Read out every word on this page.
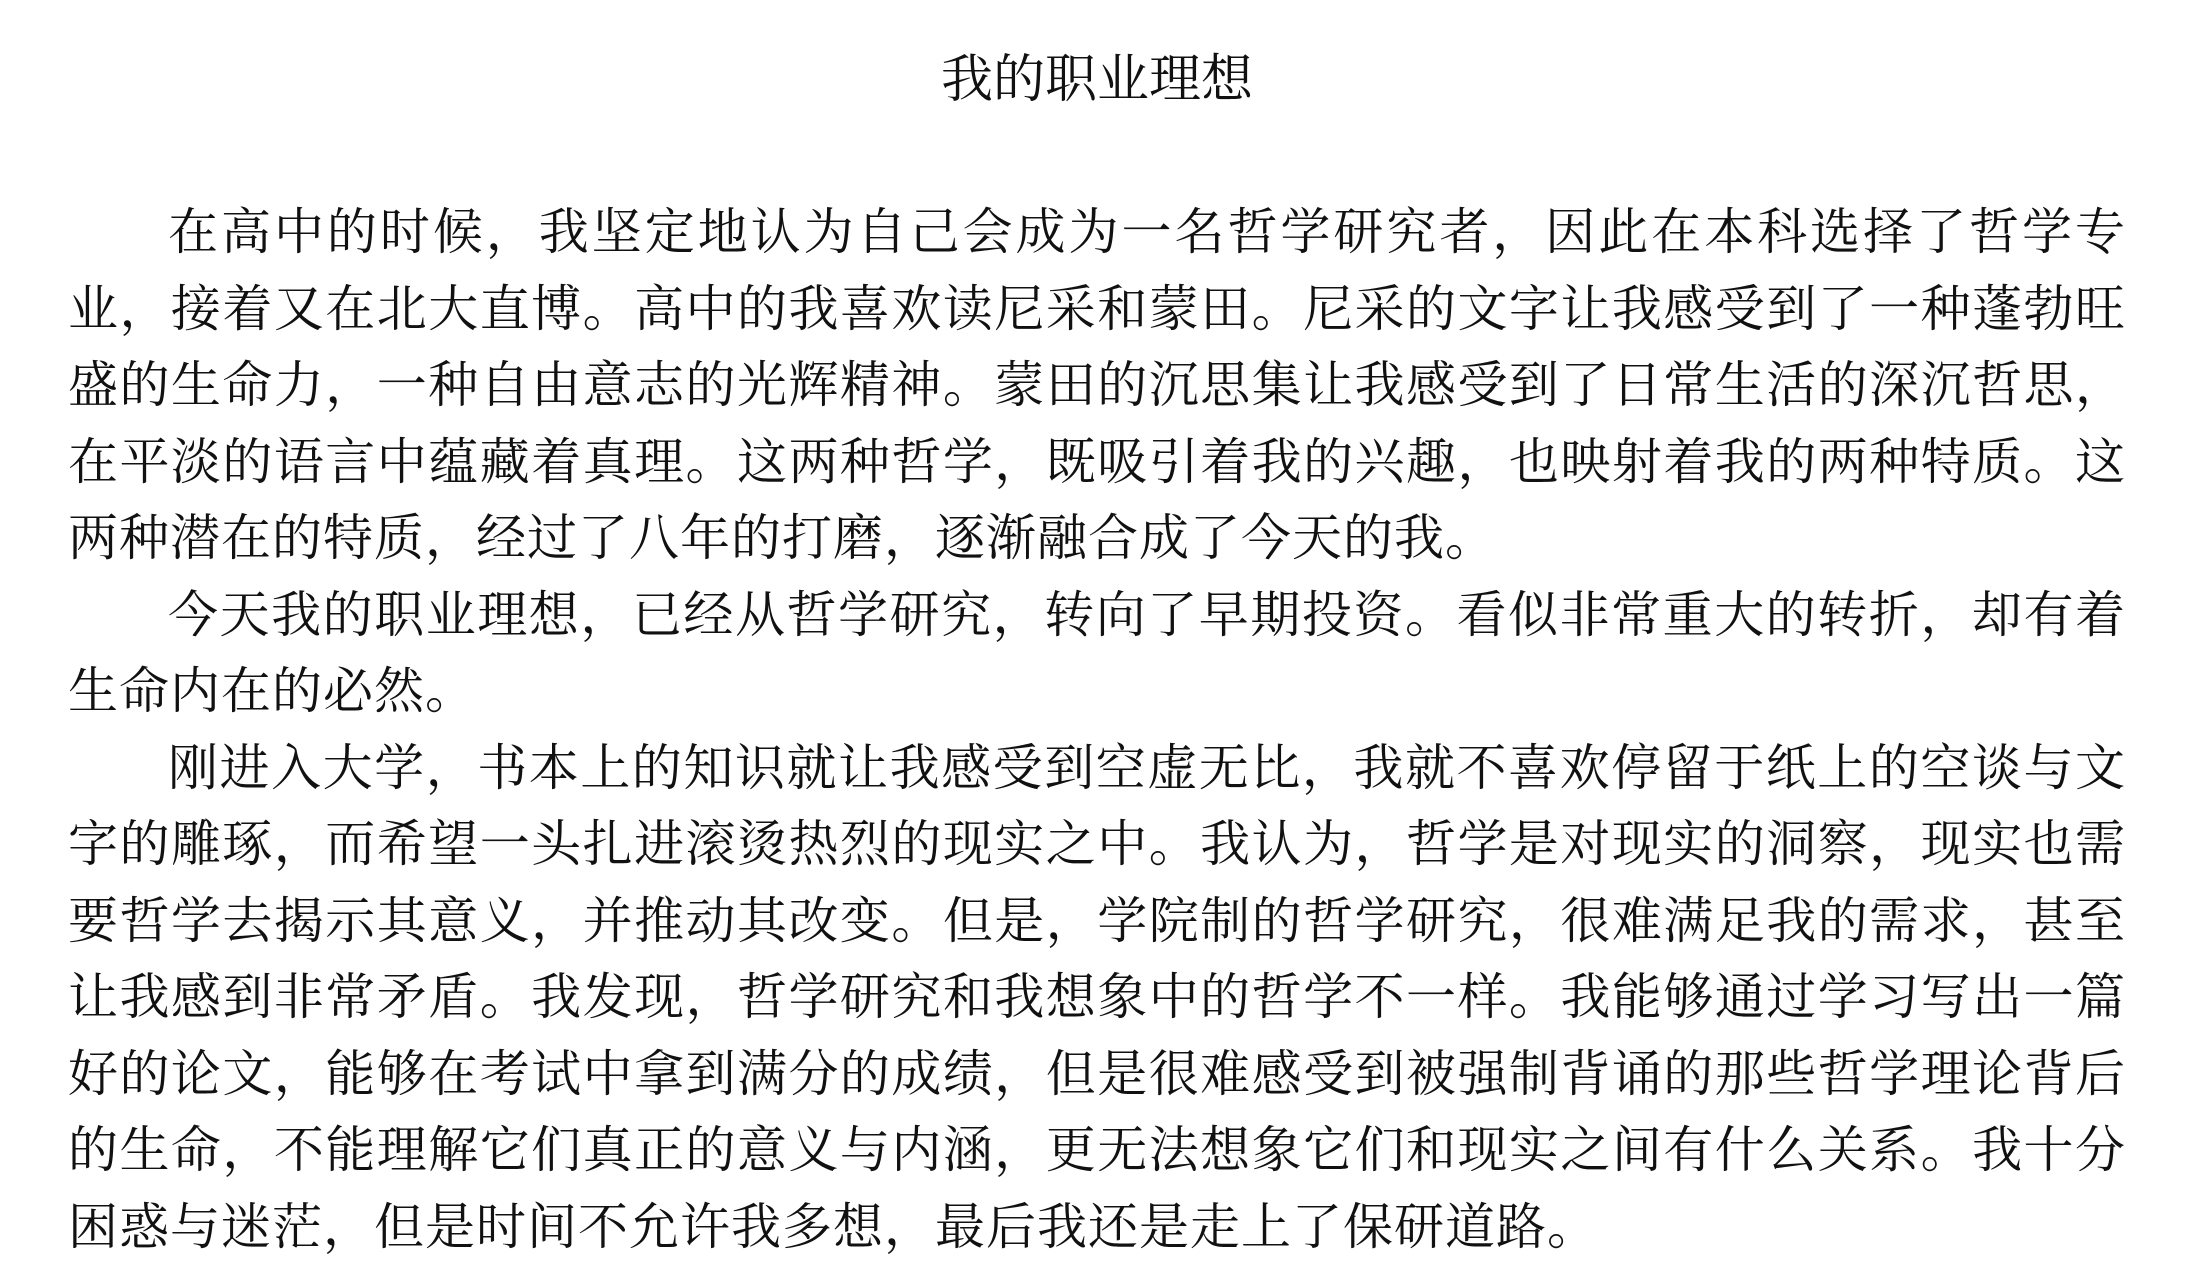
我的职业理想

在高中的时候，我坚定地认为自己会成为一名哲学研究者，因此在本科选择了哲学专业，接着又在北大直博。高中的我喜欢读尼采和蒙田。尼采的文字让我感受到了一种蓬勃旺盛的生命力，一种自由意志的光辉精神。蒙田的沉思集让我感受到了日常生活的深沉哲思，在平淡的语言中蕴藏着真理。这两种哲学，既吸引着我的兴趣，也映射着我的两种特质。这两种潜在的特质，经过了八年的打磨，逐渐融合成了今天的我。

今天我的职业理想，已经从哲学研究，转向了早期投资。看似非常重大的转折，却有着生命内在的必然。

刚进入大学，书本上的知识就让我感受到空虚无比，我就不喜欢停留于纸上的空谈与文字的雕琢，而希望一头扎进滚烫热烈的现实之中。我认为，哲学是对现实的洞察，现实也需要哲学去揭示其意义，并推动其改变。但是，学院制的哲学研究，很难满足我的需求，甚至让我感到非常矛盾。我发现，哲学研究和我想象中的哲学不一样。我能够通过学习写出一篇好的论文，能够在考试中拿到满分的成绩，但是很难感受到被强制背诵的那些哲学理论背后的生命，不能理解它们真正的意义与内涵，更无法想象它们和现实之间有什么关系。我十分困惑与迷茫，但是时间不允许我多想，最后我还是走上了保研道路。
